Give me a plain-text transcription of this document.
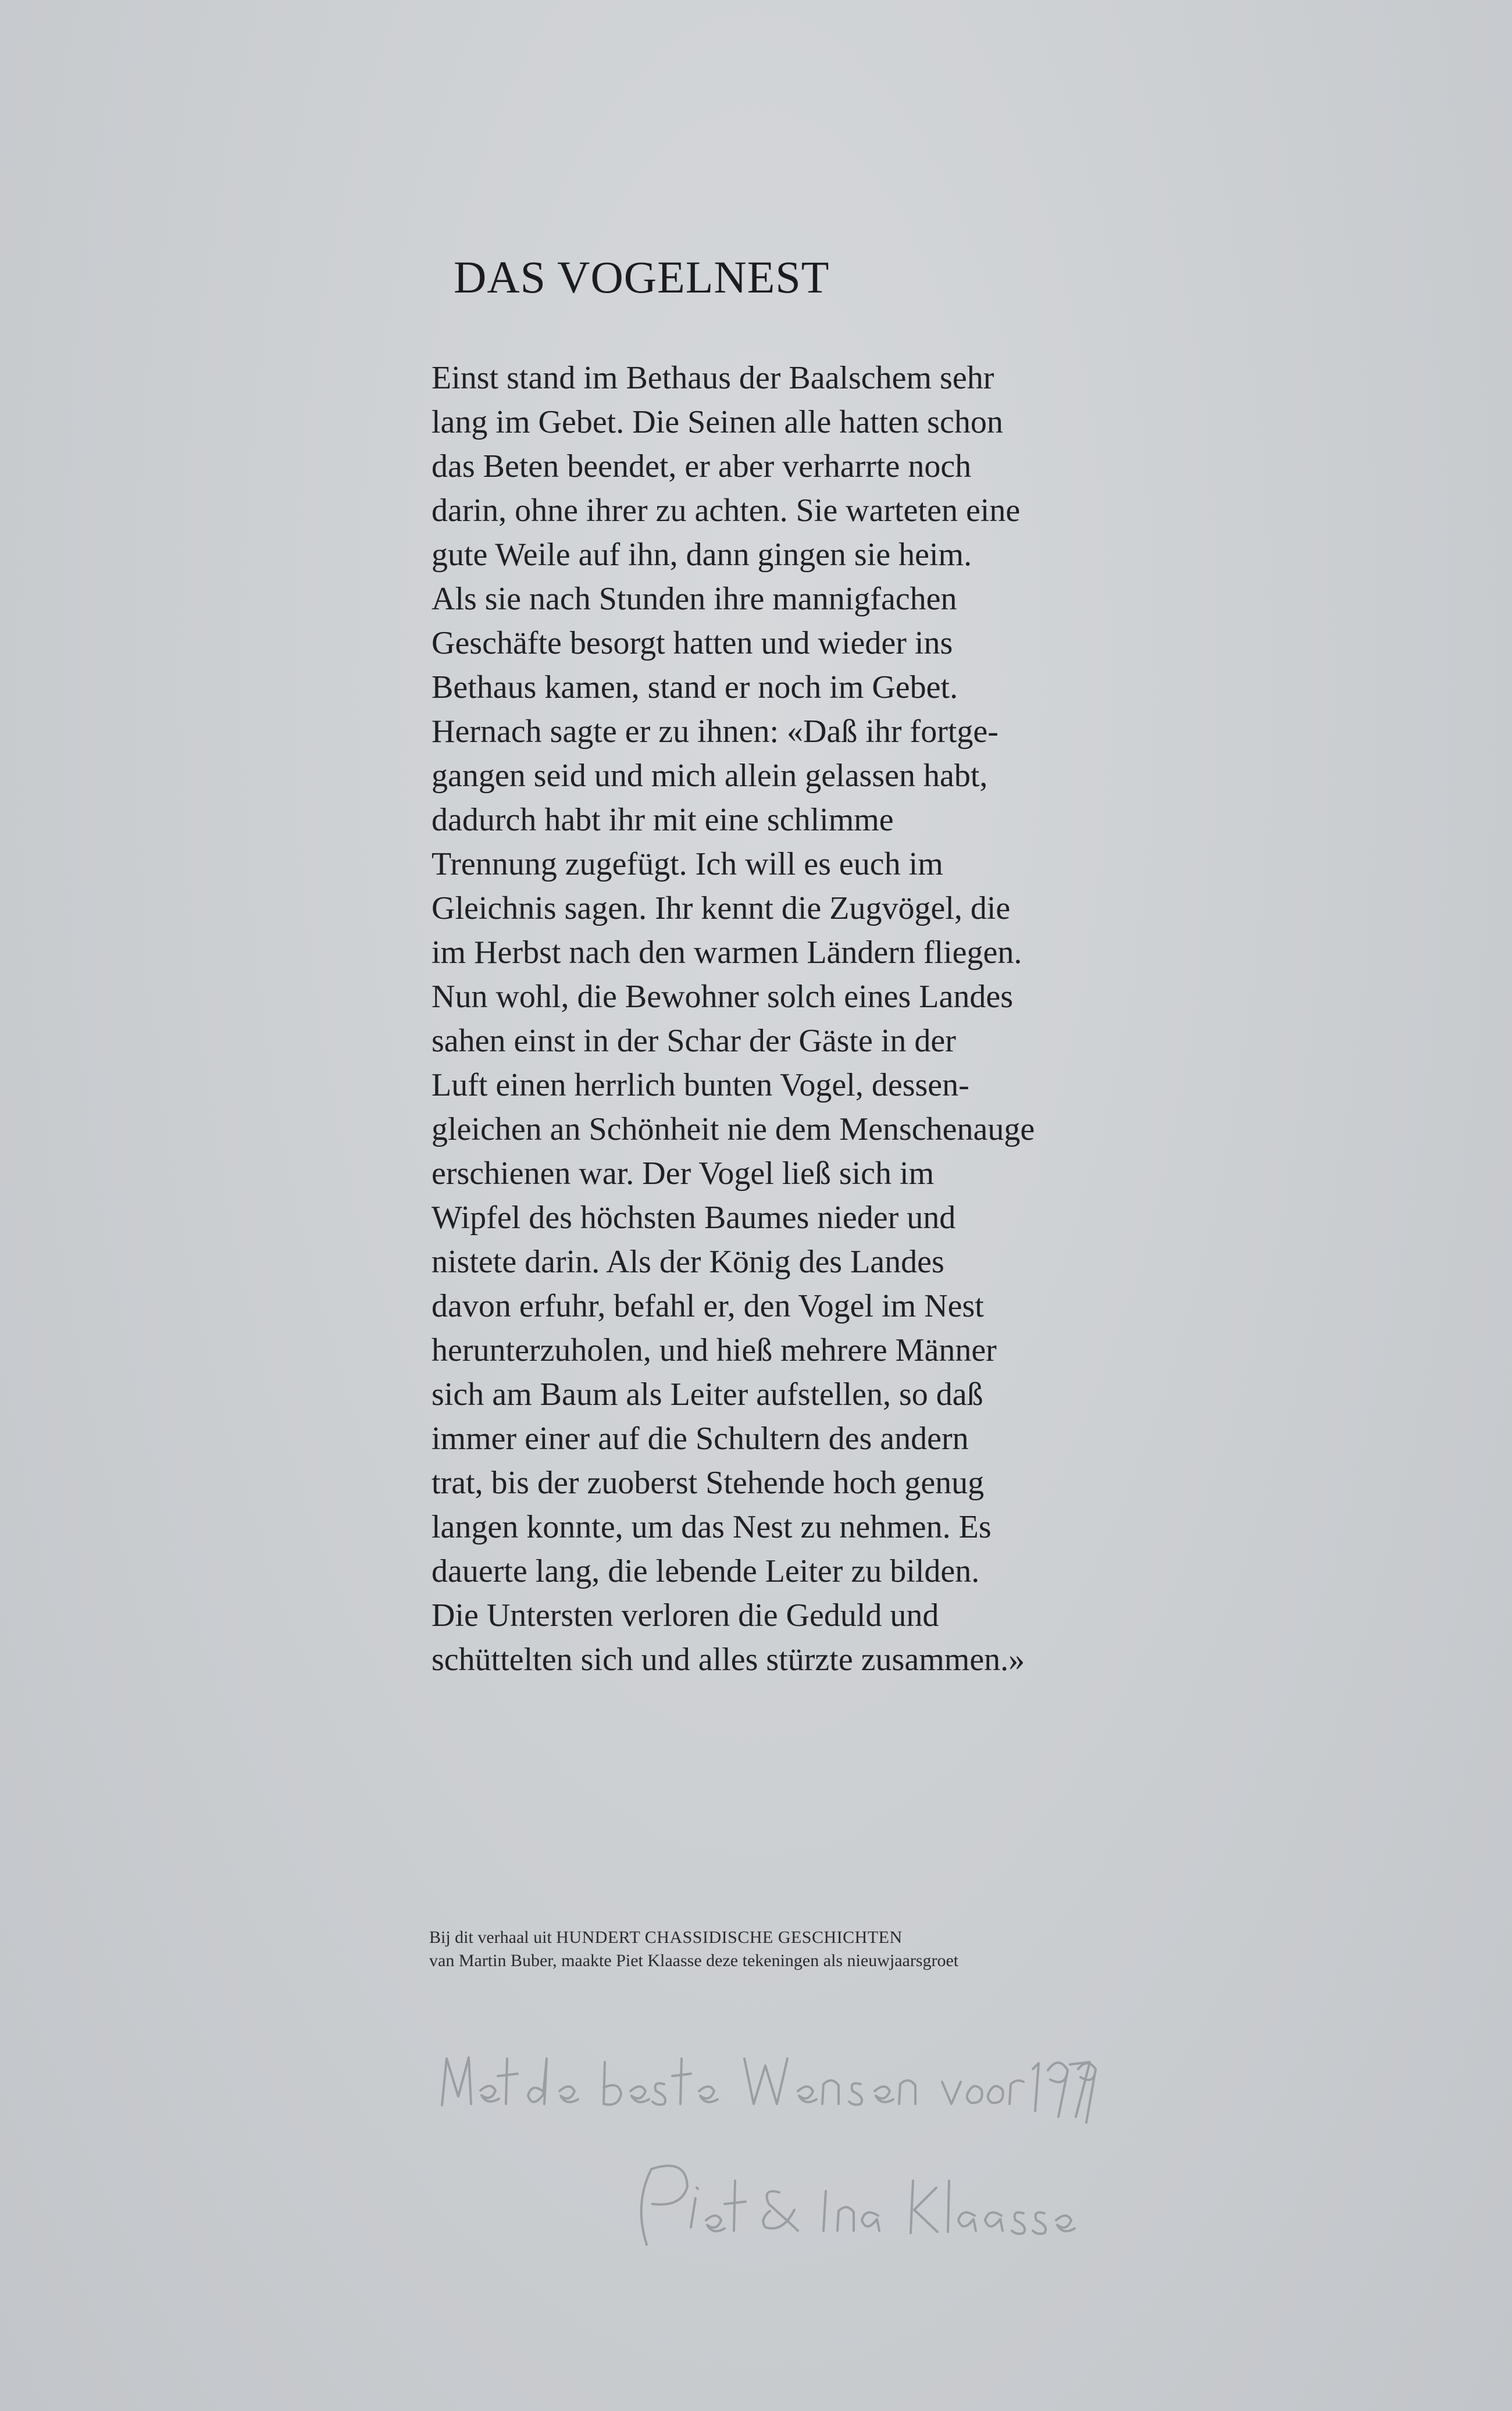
DAS VOGELNEST
Einst stand im Bethaus der Baalschem sehr
lang im Gebet. Die Seinen alle hatten schon
das Beten beendet, er aber verharrte noch
darin, ohne ihrer zu achten. Sie warteten eine
gute Weile auf ihn, dann gingen sie heim.
Als sie nach Stunden ihre mannigfachen
Geschäfte besorgt hatten und wieder ins
Bethaus kamen, stand er noch im Gebet.
Hernach sagte er zu ihnen: «Daß ihr fortge-
gangen seid und mich allein gelassen habt,
dadurch habt ihr mit eine schlimme
Trennung zugefügt. Ich will es euch im
Gleichnis sagen. Ihr kennt die Zugvögel, die
im Herbst nach den warmen Ländern fliegen.
Nun wohl, die Bewohner solch eines Landes
sahen einst in der Schar der Gäste in der
Luft einen herrlich bunten Vogel, dessen-
gleichen an Schönheit nie dem Menschenauge
erschienen war. Der Vogel ließ sich im
Wipfel des höchsten Baumes nieder und
nistete darin. Als der König des Landes
davon erfuhr, befahl er, den Vogel im Nest
herunterzuholen, und hieß mehrere Männer
sich am Baum als Leiter aufstellen, so daß
immer einer auf die Schultern des andern
trat, bis der zuoberst Stehende hoch genug
langen konnte, um das Nest zu nehmen. Es
dauerte lang, die lebende Leiter zu bilden.
Die Untersten verloren die Geduld und
schüttelten sich und alles stürzte zusammen.»
Bij dit verhaal uit HUNDERT CHASSIDISCHE GESCHICHTEN
van Martin Buber, maakte Piet Klaasse deze tekeningen als nieuwjaarsgroet
